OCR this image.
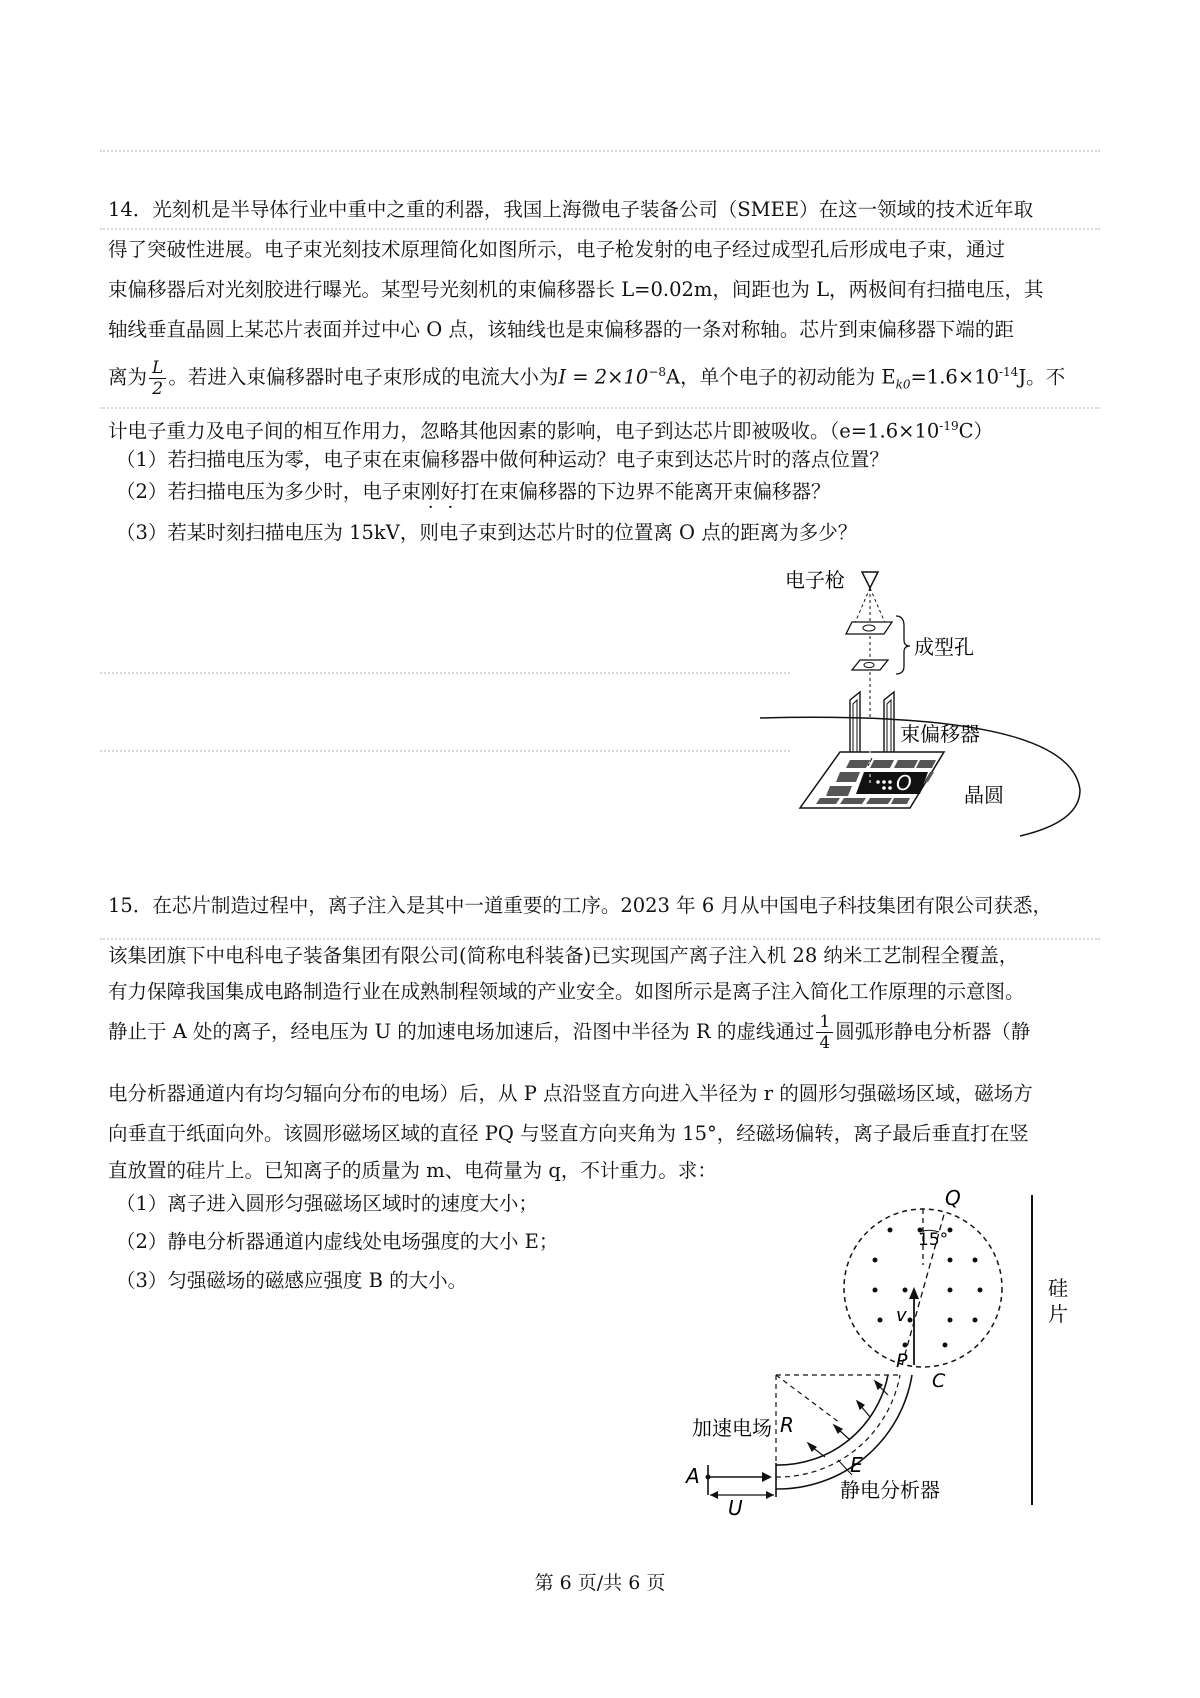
14．光刻机是半导体行业中重中之重的利器，我国上海微电子装备公司（SMEE）在这一领域的技术近年取
得了突破性进展。电子束光刻技术原理简化如图所示，电子枪发射的电子经过成型孔后形成电子束，通过
束偏移器后对光刻胶进行曝光。某型号光刻机的束偏移器长 L=0.02m，间距也为 L，两极间有扫描电压，其
轴线垂直晶圆上某芯片表面并过中心 O 点，该轴线也是束偏移器的一条对称轴。芯片到束偏移器下端的距
离为 $\frac{L}{2}$ 。若进入束偏移器时电子束形成的电流大小为$I = 2\times 10^{-8}A$，单个电子的初动能为 $E_{k0}=1.6\times 10^{-14}J$。不
计电子重力及电子间的相互作用力，忽略其他因素的影响，电子到达芯片即被吸收。$(e=1.6\times 10^{-19}C)$
（1）若扫描电压为零，电子束在束偏移器中做何种运动？电子束到达芯片时的落点位置？
（2）若扫描电压为多少时，电子束刚好打在束偏移器的下边界不能离开束偏移器？
（3）若某时刻扫描电压为 15kV，则电子束到达芯片时的位置离 O 点的距离为多少？
电子枪
成型孔
束偏移器
O	晶圆
15．在芯片制造过程中，离子注入是其中一道重要的工序。2023 年 6 月从中国电子科技集团有限公司获悉，
该集团旗下中电科电子装备集团有限公司(简称电科装备)已实现国产离子注入机 28 纳米工艺制程全覆盖，
有力保障我国集成电路制造行业在成熟制程领域的产业安全。如图所示是离子注入简化工作原理的示意图。
静止于 A 处的离子，经电压为 U 的加速电场加速后，沿图中半径为 R 的虚线通过 $\frac{1}{4}$ 圆弧形静电分析器（静
电分析器通道内有均匀辐向分布的电场）后，从 P 点沿竖直方向进入半径为 r 的圆形匀强磁场区域，磁场方
向垂直于纸面向外。该圆形磁场区域的直径 PQ 与竖直方向夹角为 15°，经磁场偏转，离子最后垂直打在竖
直放置的硅片上。已知离子的质量为 m、电荷量为 q，不计重力。求：
（1）离子进入圆形匀强磁场区域时的速度大小；
（2）静电分析器通道内虚线处电场强度的大小 E；
（3）匀强磁场的磁感应强度 B 的大小。	硅
片
Q
15°
v
P
C
R
E
静电分析器
加速电场
A
U
第 6 页/共 6 页
